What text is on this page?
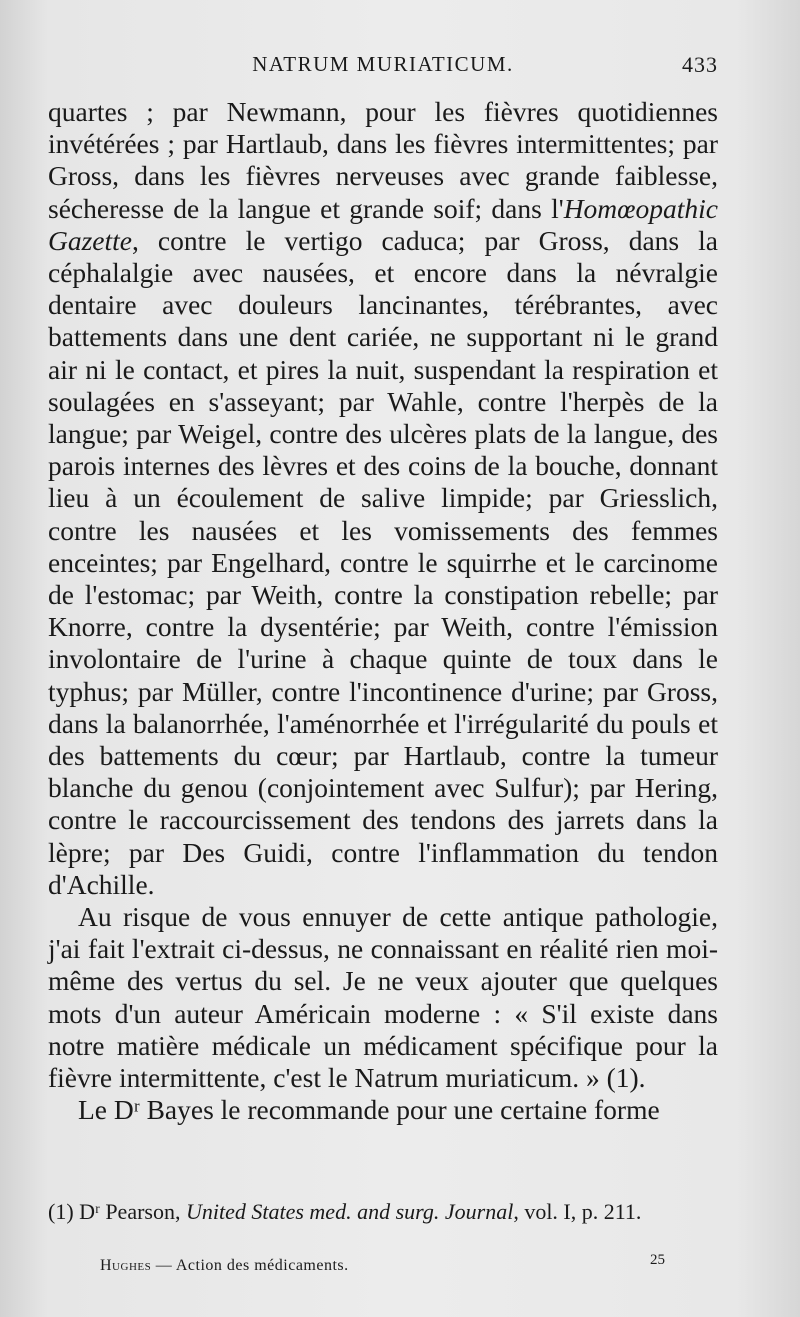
NATRUM MURIATICUM.	433

quartes ; par Newmann, pour les fièvres quotidiennes invétérées ; par Hartlaub, dans les fièvres intermittentes; par Gross, dans les fièvres nerveuses avec grande faiblesse, sécheresse de la langue et grande soif; dans l'Homœopathic Gazette, contre le vertigo caduca; par Gross, dans la céphalalgie avec nausées, et encore dans la névralgie dentaire avec douleurs lancinantes, térébrantes, avec battements dans une dent cariée, ne supportant ni le grand air ni le contact, et pires la nuit, suspendant la respiration et soulagées en s'asseyant; par Wahle, contre l'herpès de la langue; par Weigel, contre des ulcères plats de la langue, des parois internes des lèvres et des coins de la bouche, donnant lieu à un écoulement de salive limpide; par Griesslich, contre les nausées et les vomissements des femmes enceintes; par Engelhard, contre le squirrhe et le carcinome de l'estomac; par Weith, contre la constipation rebelle; par Knorre, contre la dysentérie; par Weith, contre l'émission involontaire de l'urine à chaque quinte de toux dans le typhus; par Müller, contre l'incontinence d'urine; par Gross, dans la balanorrhée, l'aménorrhée et l'irrégularité du pouls et des battements du cœur; par Hartlaub, contre la tumeur blanche du genou (conjointement avec Sulfur); par Hering, contre le raccourcissement des tendons des jarrets dans la lèpre; par Des Guidi, contre l'inflammation du tendon d'Achille.

Au risque de vous ennuyer de cette antique pathologie, j'ai fait l'extrait ci-dessus, ne connaissant en réalité rien moi-même des vertus du sel. Je ne veux ajouter que quelques mots d'un auteur Américain moderne : « S'il existe dans notre matière médicale un médicament spécifique pour la fièvre intermittente, c'est le Natrum muriaticum. » (1).

Le Dʳ Bayes le recommande pour une certaine forme

(1) Dʳ Pearson, United States med. and surg. Journal, vol. I, p. 211.
Hughes — Action des médicaments.	25
